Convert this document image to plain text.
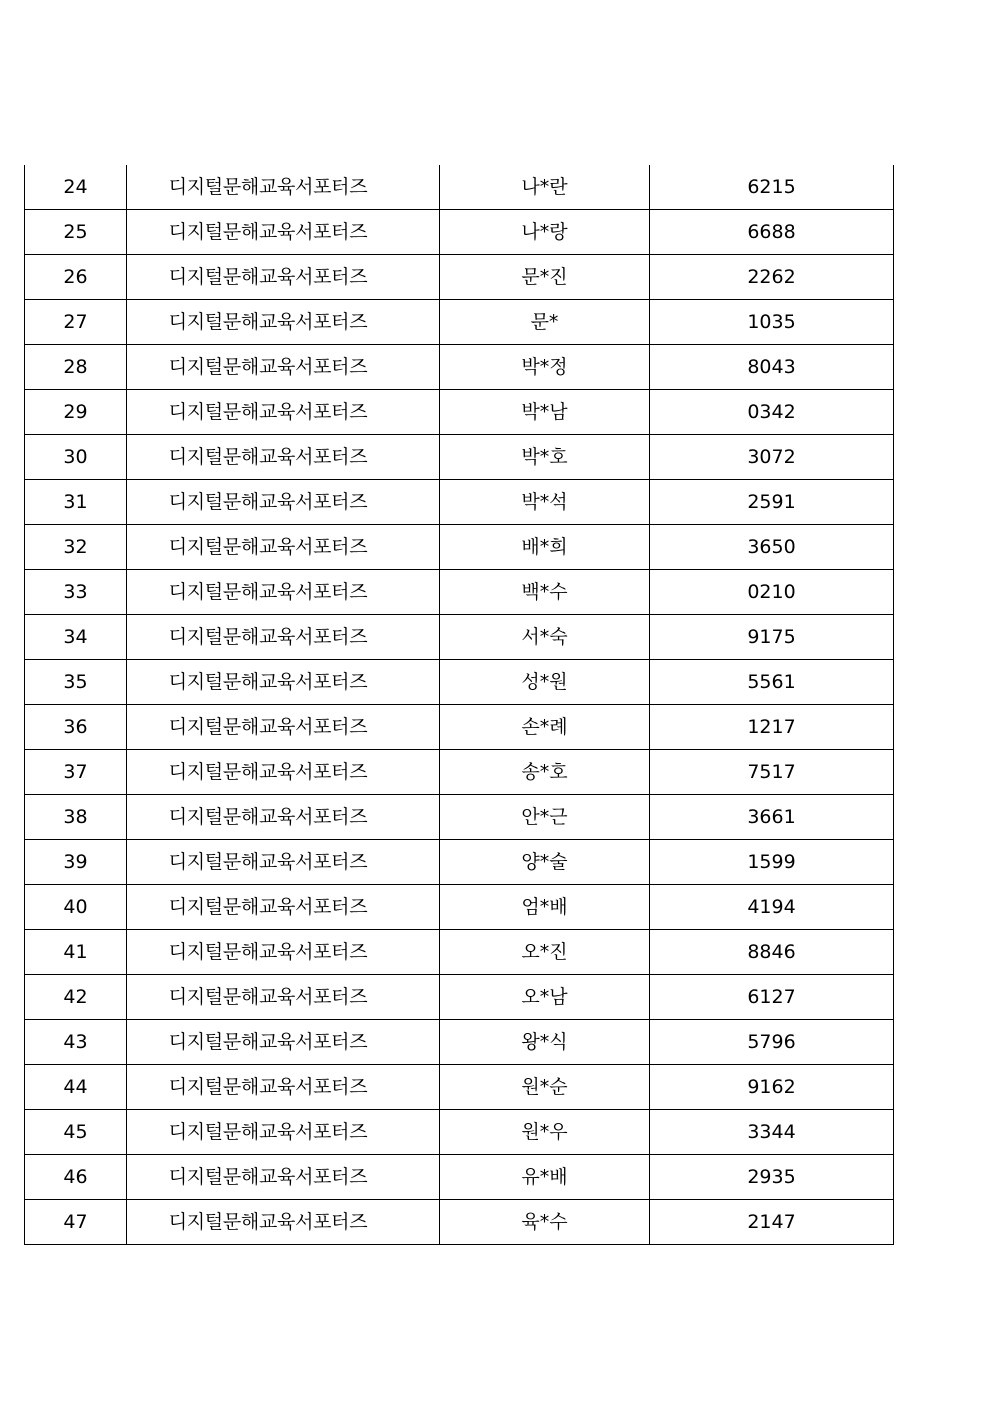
24	디지털문해교육서포터즈	나*란	6215
25	디지털문해교육서포터즈	나*랑	6688
26	디지털문해교육서포터즈	문*진	2262
27	디지털문해교육서포터즈	문*	1035
28	디지털문해교육서포터즈	박*정	8043
29	디지털문해교육서포터즈	박*남	0342
30	디지털문해교육서포터즈	박*호	3072
31	디지털문해교육서포터즈	박*석	2591
32	디지털문해교육서포터즈	배*희	3650
33	디지털문해교육서포터즈	백*수	0210
34	디지털문해교육서포터즈	서*숙	9175
35	디지털문해교육서포터즈	성*원	5561
36	디지털문해교육서포터즈	손*례	1217
37	디지털문해교육서포터즈	송*호	7517
38	디지털문해교육서포터즈	안*근	3661
39	디지털문해교육서포터즈	양*술	1599
40	디지털문해교육서포터즈	엄*배	4194
41	디지털문해교육서포터즈	오*진	8846
42	디지털문해교육서포터즈	오*남	6127
43	디지털문해교육서포터즈	왕*식	5796
44	디지털문해교육서포터즈	원*순	9162
45	디지털문해교육서포터즈	원*우	3344
46	디지털문해교육서포터즈	유*배	2935
47	디지털문해교육서포터즈	육*수	2147
